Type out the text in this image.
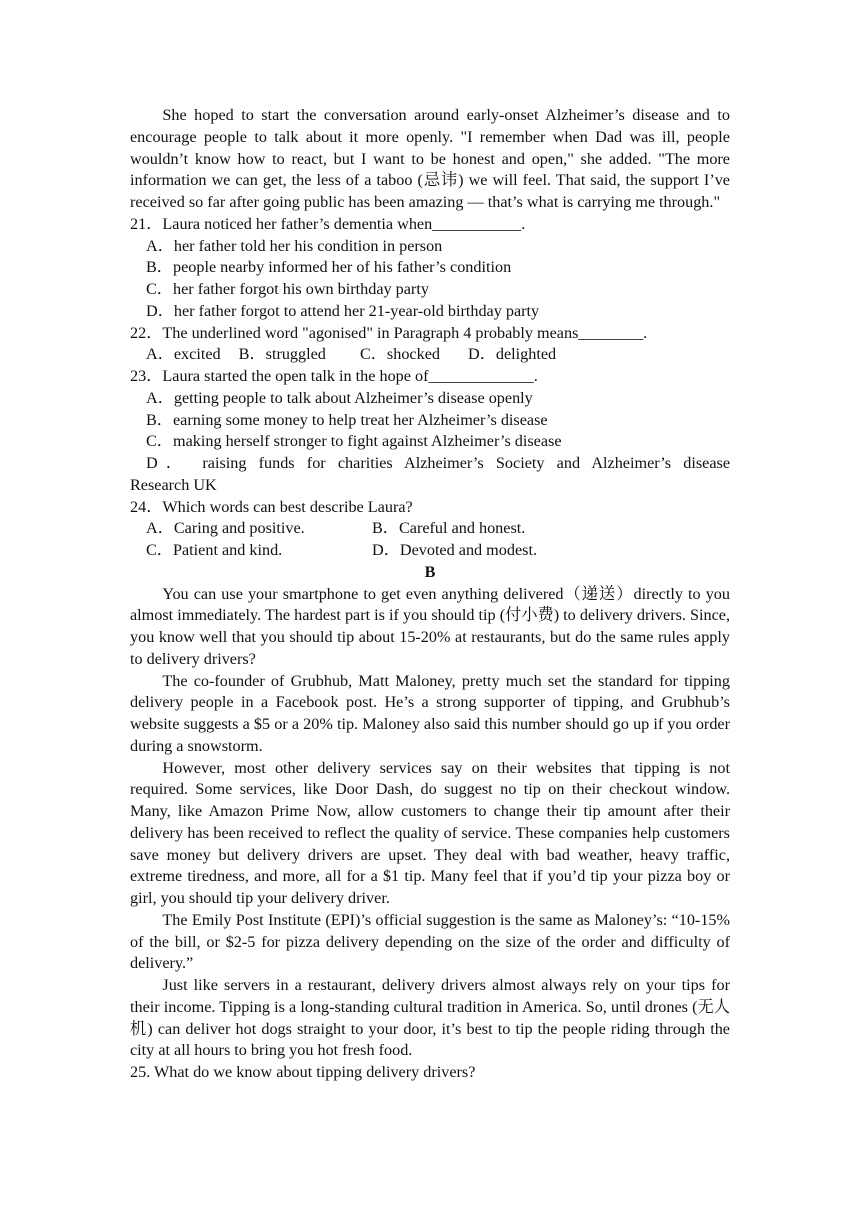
She hoped to start the conversation around early-onset Alzheimer’s disease and to encourage people to talk about it more openly. "I remember when Dad was ill, people wouldn’t know how to react, but I want to be honest and open," she added. "The more information we can get, the less of a taboo (忌讳) we will feel. That said, the support I’ve received so far after going public has been amazing — that’s what is carrying me through."

21．Laura noticed her father’s dementia when___________.

A．her father told her his condition in person

B．people nearby informed her of his father’s condition

C．her father forgot his own birthday party

D．her father forgot to attend her 21-year-old birthday party

22．The underlined word "agonised" in Paragraph 4 probably means________.

A．excited B．struggled C．shocked D．delighted

23．Laura started the open talk in the hope of_____________.

A．getting people to talk about Alzheimer’s disease openly

B．earning some money to help treat her Alzheimer’s disease

C．making herself stronger to fight against Alzheimer’s disease

D． raising funds for charities Alzheimer’s Society and Alzheimer’s disease

Research UK

24．Which words can best describe Laura?

A．Caring and positive.	B．Careful and honest.
C．Patient and kind.	D．Devoted and modest.

B

You can use your smartphone to get even anything delivered（递送）directly to you almost immediately. The hardest part is if you should tip (付小费) to delivery drivers. Since, you know well that you should tip about 15-20% at restaurants, but do the same rules apply to delivery drivers?

The co-founder of Grubhub, Matt Maloney, pretty much set the standard for tipping delivery people in a Facebook post. He’s a strong supporter of tipping, and Grubhub’s website suggests a $5 or a 20% tip. Maloney also said this number should go up if you order during a snowstorm.

However, most other delivery services say on their websites that tipping is not required. Some services, like Door Dash, do suggest no tip on their checkout window. Many, like Amazon Prime Now, allow customers to change their tip amount after their delivery has been received to reflect the quality of service. These companies help customers save money but delivery drivers are upset. They deal with bad weather, heavy traffic, extreme tiredness, and more, all for a $1 tip. Many feel that if you’d tip your pizza boy or girl, you should tip your delivery driver.

The Emily Post Institute (EPI)’s official suggestion is the same as Maloney’s: “10-15% of the bill, or $2-5 for pizza delivery depending on the size of the order and difficulty of delivery.”

Just like servers in a restaurant, delivery drivers almost always rely on your tips for their income. Tipping is a long-standing cultural tradition in America. So, until drones (无人机) can deliver hot dogs straight to your door, it’s best to tip the people riding through the city at all hours to bring you hot fresh food.

25. What do we know about tipping delivery drivers?
